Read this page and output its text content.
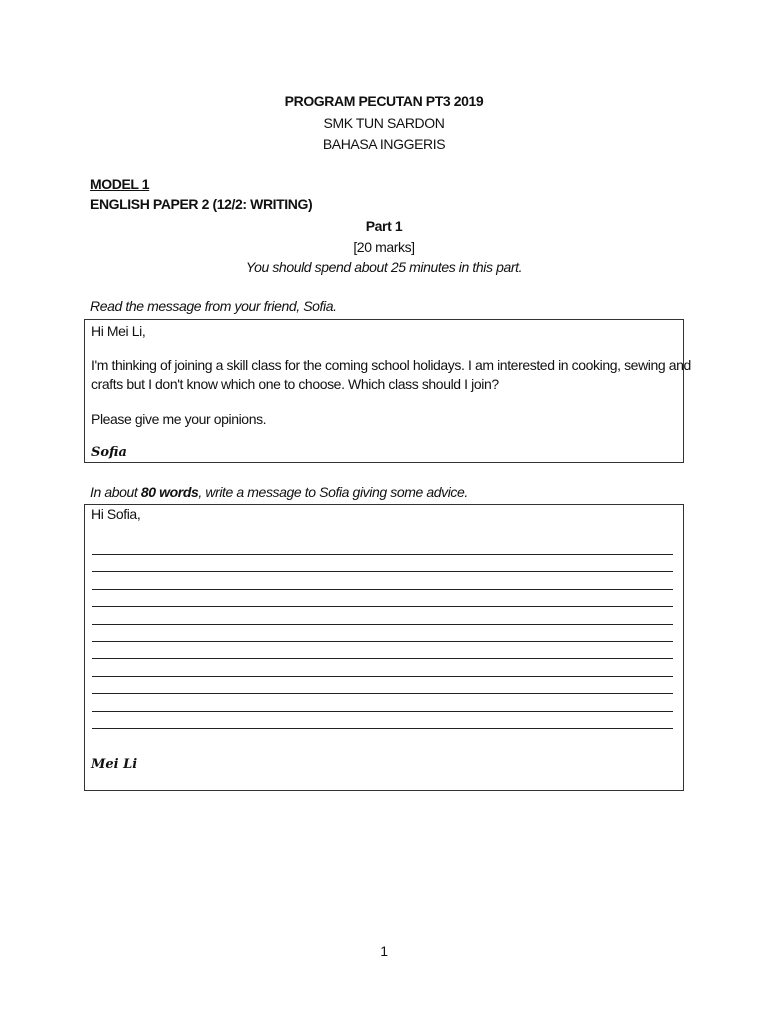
PROGRAM PECUTAN PT3 2019
SMK TUN SARDON
BAHASA INGGERIS
MODEL 1
ENGLISH PAPER 2 (12/2: WRITING)
Part 1
[20 marks]
You should spend about 25 minutes in this part.
Read the message from your friend, Sofia.
Hi Mei Li,
I'm thinking of joining a skill class for the coming school holidays. I am interested in cooking, sewing and
crafts but I don't know which one to choose. Which class should I join?
Please give me your opinions.
Sofia
In about 80 words, write a message to Sofia giving some advice.
Hi Sofia,
Mei Li
1
